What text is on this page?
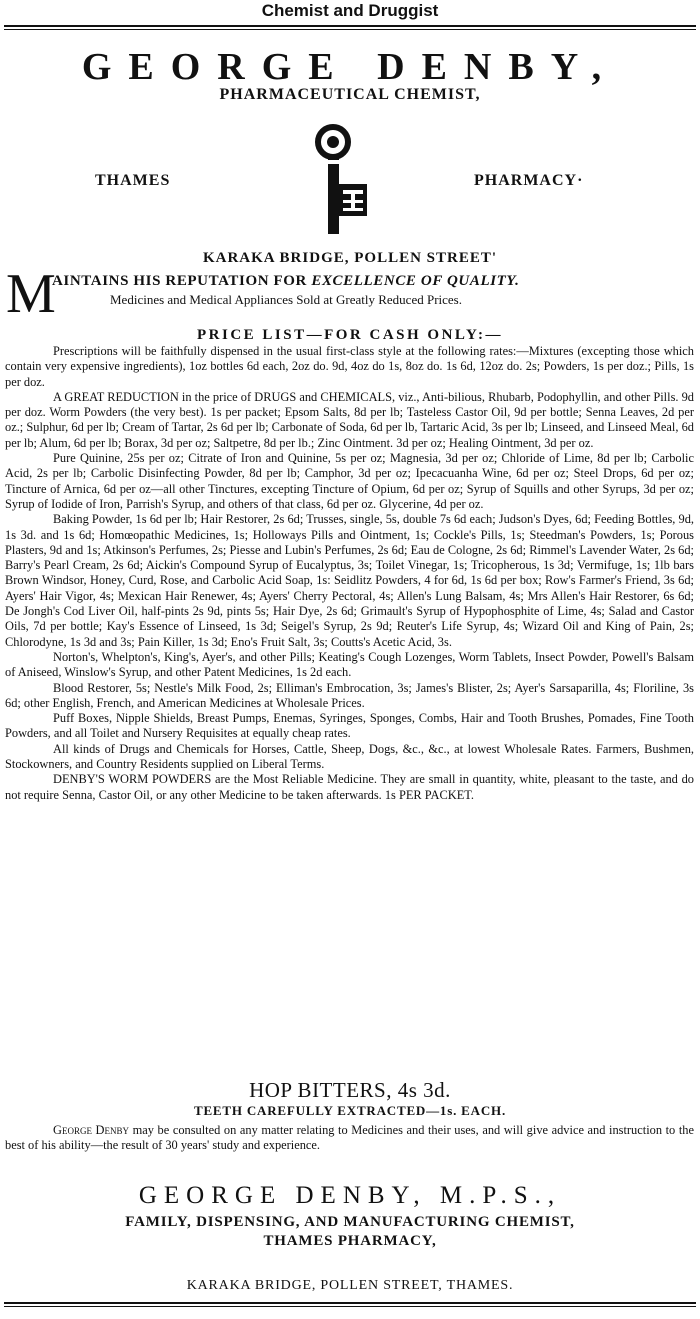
Chemist and Druggist
GEORGE DENBY,
PHARMACEUTICAL CHEMIST,
THAMES	PHARMACY·
KARAKA BRIDGE, POLLEN STREET'
M
AINTAINS HIS REPUTATION FOR EXCELLENCE OF QUALITY.
Medicines and Medical Appliances Sold at Greatly Reduced Prices.
PRICE LIST—FOR CASH ONLY:—

Prescriptions will be faithfully dispensed in the usual first-class style at the following rates:—Mixtures (excepting those which contain very expensive ingredients), 1oz bottles 6d each, 2oz do. 9d, 4oz do 1s, 8oz do. 1s 6d, 12oz do. 2s; Powders, 1s per doz.; Pills, 1s per doz.

A GREAT REDUCTION in the price of DRUGS and CHEMICALS, viz., Anti-bilious, Rhubarb, Podophyllin, and other Pills. 9d per doz. Worm Powders (the very best). 1s per packet; Epsom Salts, 8d per lb; Tasteless Castor Oil, 9d per bottle; Senna Leaves, 2d per oz.; Sulphur, 6d per lb; Cream of Tartar, 2s 6d per lb; Carbonate of Soda, 6d per lb, Tartaric Acid, 3s per lb; Linseed, and Linseed Meal, 6d per lb; Alum, 6d per lb; Borax, 3d per oz; Saltpetre, 8d per lb.; Zinc Ointment. 3d per oz; Healing Ointment, 3d per oz.

Pure Quinine, 25s per oz; Citrate of Iron and Quinine, 5s per oz; Magnesia, 3d per oz; Chloride of Lime, 8d per lb; Carbolic Acid, 2s per lb; Carbolic Disinfecting Powder, 8d per lb; Camphor, 3d per oz; Ipecacuanha Wine, 6d per oz; Steel Drops, 6d per oz; Tincture of Arnica, 6d per oz—all other Tinctures, excepting Tincture of Opium, 6d per oz; Syrup of Squills and other Syrups, 3d per oz; Syrup of Iodide of Iron, Parrish's Syrup, and others of that class, 6d per oz. Glycerine, 4d per oz.

Baking Powder, 1s 6d per lb; Hair Restorer, 2s 6d; Trusses, single, 5s, double 7s 6d each; Judson's Dyes, 6d; Feeding Bottles, 9d, 1s 3d. and 1s 6d; Homœopathic Medicines, 1s; Holloways Pills and Ointment, 1s; Cockle's Pills, 1s; Steedman's Powders, 1s; Porous Plasters, 9d and 1s; Atkinson's Perfumes, 2s; Piesse and Lubin's Perfumes, 2s 6d; Eau de Cologne, 2s 6d; Rimmel's Lavender Water, 2s 6d; Barry's Pearl Cream, 2s 6d; Aickin's Compound Syrup of Eucalyptus, 3s; Toilet Vinegar, 1s; Tricopherous, 1s 3d; Vermifuge, 1s; 1lb bars Brown Windsor, Honey, Curd, Rose, and Carbolic Acid Soap, 1s: Seidlitz Powders, 4 for 6d, 1s 6d per box; Row's Farmer's Friend, 3s 6d; Ayers' Hair Vigor, 4s; Mexican Hair Renewer, 4s; Ayers' Cherry Pectoral, 4s; Allen's Lung Balsam, 4s; Mrs Allen's Hair Restorer, 6s 6d; De Jongh's Cod Liver Oil, half-pints 2s 9d, pints 5s; Hair Dye, 2s 6d; Grimault's Syrup of Hypophosphite of Lime, 4s; Salad and Castor Oils, 7d per bottle; Kay's Essence of Linseed, 1s 3d; Seigel's Syrup, 2s 9d; Reuter's Life Syrup, 4s; Wizard Oil and King of Pain, 2s; Chlorodyne, 1s 3d and 3s; Pain Killer, 1s 3d; Eno's Fruit Salt, 3s; Coutts's Acetic Acid, 3s.

Norton's, Whelpton's, King's, Ayer's, and other Pills; Keating's Cough Lozenges, Worm Tablets, Insect Powder, Powell's Balsam of Aniseed, Winslow's Syrup, and other Patent Medicines, 1s 2d each.

Blood Restorer, 5s; Nestle's Milk Food, 2s; Elliman's Embrocation, 3s; James's Blister, 2s; Ayer's Sarsaparilla, 4s; Floriline, 3s 6d; other English, French, and American Medicines at Wholesale Prices.

Puff Boxes, Nipple Shields, Breast Pumps, Enemas, Syringes, Sponges, Combs, Hair and Tooth Brushes, Pomades, Fine Tooth Powders, and all Toilet and Nursery Requisites at equally cheap rates.

All kinds of Drugs and Chemicals for Horses, Cattle, Sheep, Dogs, &c., &c., at lowest Wholesale Rates. Farmers, Bushmen, Stockowners, and Country Residents supplied on Liberal Terms.

DENBY'S WORM POWDERS are the Most Reliable Medicine. They are small in quantity, white, pleasant to the taste, and do not require Senna, Castor Oil, or any other Medicine to be taken afterwards. 1s PER PACKET.

HOP BITTERS, 4s 3d.
TEETH CAREFULLY EXTRACTED—1s. EACH.

George Denby may be consulted on any matter relating to Medicines and their uses, and will give advice and instruction to the best of his ability—the result of 30 years' study and experience.

GEORGE DENBY, M.P.S.,
FAMILY, DISPENSING, AND MANUFACTURING CHEMIST,
THAMES PHARMACY,
KARAKA BRIDGE, POLLEN STREET, THAMES.
